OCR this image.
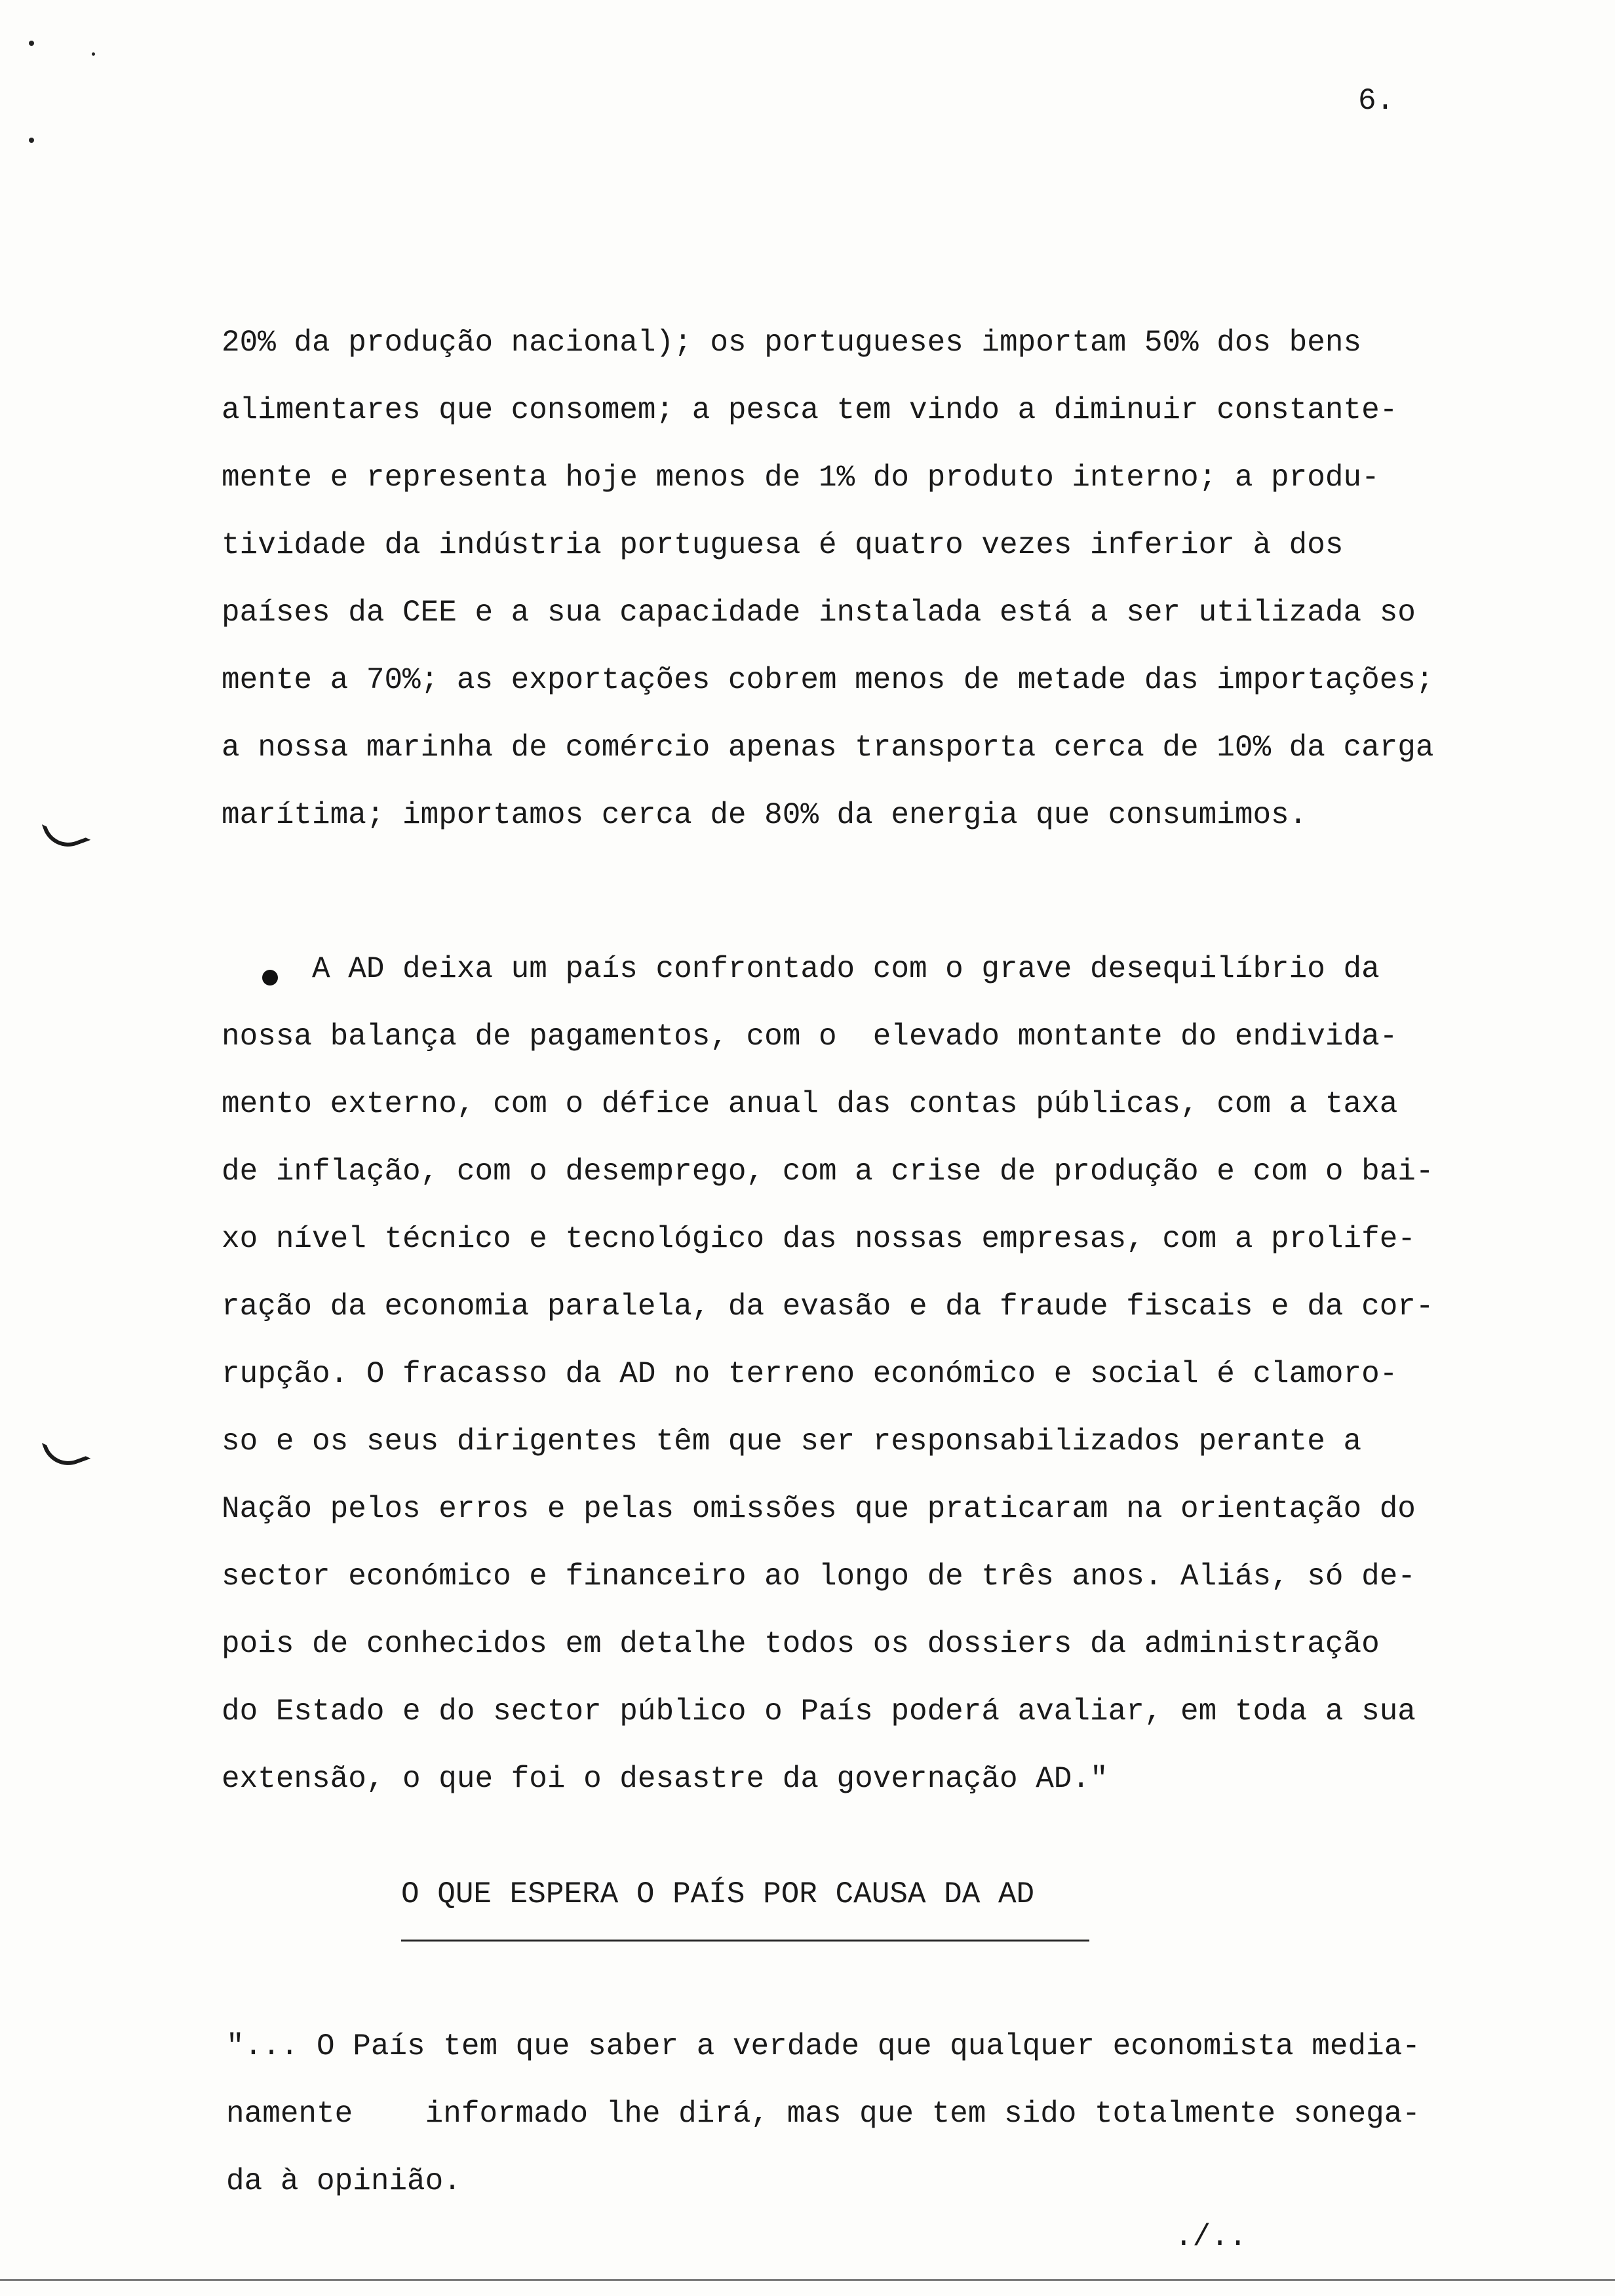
6.
20% da produção nacional); os portugueses importam 50% dos bens
alimentares que consomem; a pesca tem vindo a diminuir constante-
mente e representa hoje menos de 1% do produto interno; a produ-
tividade da indústria portuguesa é quatro vezes inferior à dos
países da CEE e a sua capacidade instalada está a ser utilizada so
mente a 70%; as exportações cobrem menos de metade das importações;
a nossa marinha de comércio apenas transporta cerca de 10% da carga
marítima; importamos cerca de 80% da energia que consumimos.
A AD deixa um país confrontado com o grave desequilíbrio da
nossa balança de pagamentos, com o  elevado montante do endivida-
mento externo, com o défice anual das contas públicas, com a taxa
de inflação, com o desemprego, com a crise de produção e com o bai-
xo nível técnico e tecnológico das nossas empresas, com a prolife-
ração da economia paralela, da evasão e da fraude fiscais e da cor-
rupção. O fracasso da AD no terreno económico e social é clamoro-
so e os seus dirigentes têm que ser responsabilizados perante a
Nação pelos erros e pelas omissões que praticaram na orientação do
sector económico e financeiro ao longo de três anos. Aliás, só de-
pois de conhecidos em detalhe todos os dossiers da administração
do Estado e do sector público o País poderá avaliar, em toda a sua
extensão, o que foi o desastre da governação AD."
O QUE ESPERA O PAÍS POR CAUSA DA AD
"... O País tem que saber a verdade que qualquer economista media-
namente    informado lhe dirá, mas que tem sido totalmente sonega-
da à opinião.
./..
